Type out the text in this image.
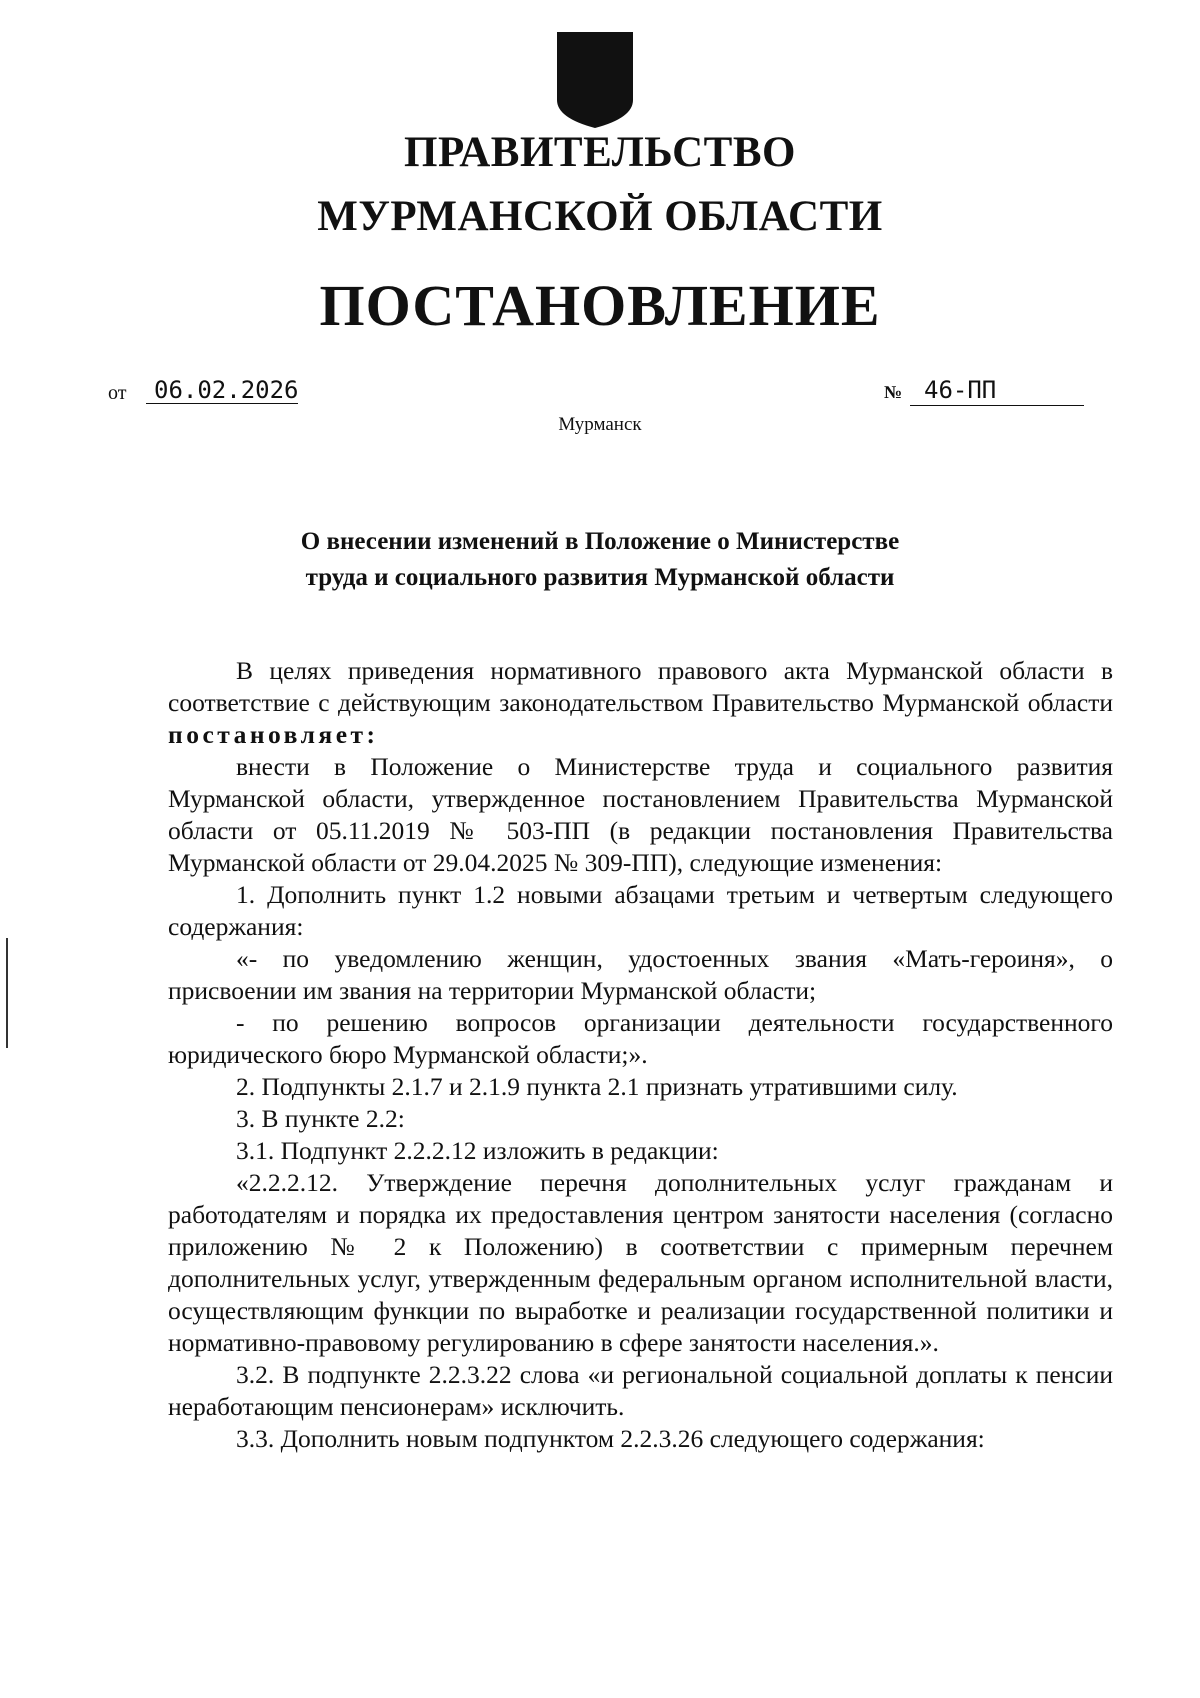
ПРАВИТЕЛЬСТВО
МУРМАНСКОЙ ОБЛАСТИ
ПОСТАНОВЛЕНИЕ
от	06.02.2026	№ 46-ПП
Мурманск
О внесении изменений в Положение о Министерстве
труда и социального развития Мурманской области

В целях приведения нормативного правового акта Мурманской области в соответствие с действующим законодательством Правительство Мурманской области постановляет:

внести в Положение о Министерстве труда и социального развития Мурманской области, утвержденное постановлением Правительства Мурманской области от 05.11.2019 № 503-ПП (в редакции постановления Правительства Мурманской области от 29.04.2025 № 309-ПП), следующие изменения:

1. Дополнить пункт 1.2 новыми абзацами третьим и четвертым следующего содержания:

«- по уведомлению женщин, удостоенных звания «Мать-героиня», о присвоении им звания на территории Мурманской области;

- по решению вопросов организации деятельности государственного юридического бюро Мурманской области;».

2. Подпункты 2.1.7 и 2.1.9 пункта 2.1 признать утратившими силу.

3. В пункте 2.2:

3.1. Подпункт 2.2.2.12 изложить в редакции:

«2.2.2.12. Утверждение перечня дополнительных услуг гражданам и работодателям и порядка их предоставления центром занятости населения (согласно приложению № 2 к Положению) в соответствии с примерным перечнем дополнительных услуг, утвержденным федеральным органом исполнительной власти, осуществляющим функции по выработке и реализации государственной политики и нормативно-правовому регулированию в сфере занятости населения.».

3.2. В подпункте 2.2.3.22 слова «и региональной социальной доплаты к пенсии неработающим пенсионерам» исключить.

3.3. Дополнить новым подпунктом 2.2.3.26 следующего содержания:
